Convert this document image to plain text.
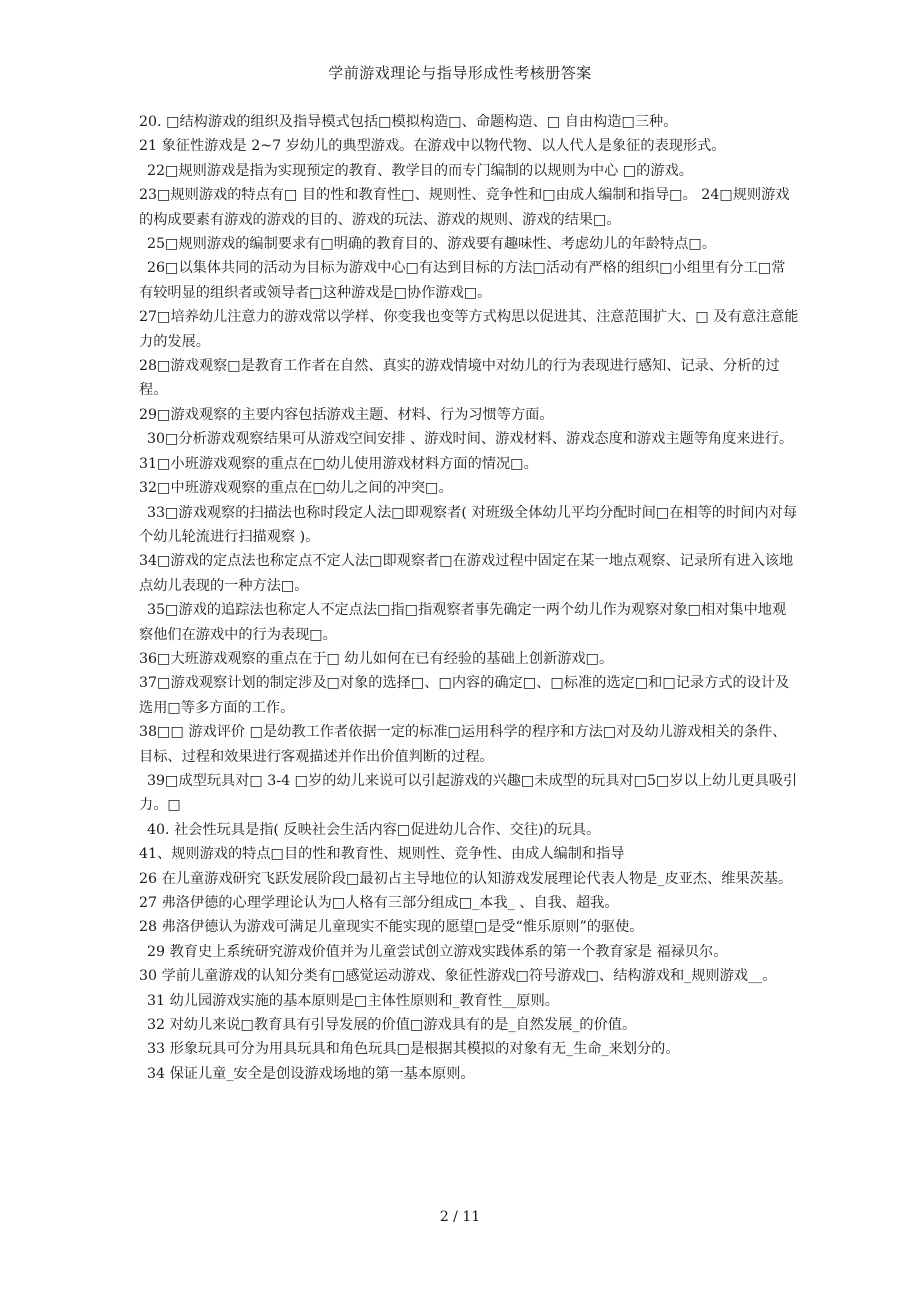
学前游戏理论与指导形成性考核册答案

20. □结构游戏的组织及指导模式包括□模拟构造□、命题构造、□ 自由构造□三种。

21 象征性游戏是 2~7 岁幼儿的典型游戏。在游戏中以物代物、以人代人是象征的表现形式。

22□规则游戏是指为实现预定的教育、教学目的而专门编制的以规则为中心 □的游戏。

23□规则游戏的特点有□ 目的性和教育性□、规则性、竞争性和□由成人编制和指导□。 24□规则游戏的构成要素有游戏的游戏的目的、游戏的玩法、游戏的规则、游戏的结果□。

25□规则游戏的编制要求有□明确的教育目的、游戏要有趣味性、考虑幼儿的年龄特点□。

26□以集体共同的活动为目标为游戏中心□有达到目标的方法□活动有严格的组织□小组里有分工□常有较明显的组织者或领导者□这种游戏是□协作游戏□。

27□培养幼儿注意力的游戏常以学样、你变我也变等方式构思以促进其、注意范围扩大、□ 及有意注意能力的发展。

28□游戏观察□是教育工作者在自然、真实的游戏情境中对幼儿的行为表现进行感知、记录、分析的过程。

29□游戏观察的主要内容包括游戏主题、材料、行为习惯等方面。

30□分析游戏观察结果可从游戏空间安排 、游戏时间、游戏材料、游戏态度和游戏主题等角度来进行。

31□小班游戏观察的重点在□幼儿使用游戏材料方面的情况□。

32□中班游戏观察的重点在□幼儿之间的冲突□。

33□游戏观察的扫描法也称时段定人法□即观察者( 对班级全体幼儿平均分配时间□在相等的时间内对每个幼儿轮流进行扫描观察 )。

34□游戏的定点法也称定点不定人法□即观察者□在游戏过程中固定在某一地点观察、记录所有进入该地点幼儿表现的一种方法□。

35□游戏的追踪法也称定人不定点法□指□指观察者事先确定一两个幼儿作为观察对象□相对集中地观察他们在游戏中的行为表现□。

36□大班游戏观察的重点在于□ 幼儿如何在已有经验的基础上创新游戏□。

37□游戏观察计划的制定涉及□对象的选择□、□内容的确定□、□标准的选定□和□记录方式的设计及选用□等多方面的工作。

38□□ 游戏评价 □是幼教工作者依据一定的标准□运用科学的程序和方法□对及幼儿游戏相关的条件、目标、过程和效果进行客观描述并作出价值判断的过程。

39□成型玩具对□ 3-4 □岁的幼儿来说可以引起游戏的兴趣□未成型的玩具对□5□岁以上幼儿更具吸引力。□

40. 社会性玩具是指( 反映社会生活内容□促进幼儿合作、交往)的玩具。

41、规则游戏的特点□目的性和教育性、规则性、竞争性、由成人编制和指导

26 在儿童游戏研究飞跃发展阶段□最初占主导地位的认知游戏发展理论代表人物是_皮亚杰、维果茨基。

27 弗洛伊德的心理学理论认为□人格有三部分组成□_本我_ 、自我、超我。

28 弗洛伊德认为游戏可满足儿童现实不能实现的愿望□是受“惟乐原则”的驱使。

29 教育史上系统研究游戏价值并为儿童尝试创立游戏实践体系的第一个教育家是 福禄贝尔。

30 学前儿童游戏的认知分类有□感觉运动游戏、象征性游戏□符号游戏□、结构游戏和_规则游戏__。

31 幼儿园游戏实施的基本原则是□主体性原则和_教育性__原则。

32 对幼儿来说□教育具有引导发展的价值□游戏具有的是_自然发展_的价值。

33 形象玩具可分为用具玩具和角色玩具□是根据其模拟的对象有无_生命_来划分的。

34 保证儿童_安全是创设游戏场地的第一基本原则。

2 / 11
